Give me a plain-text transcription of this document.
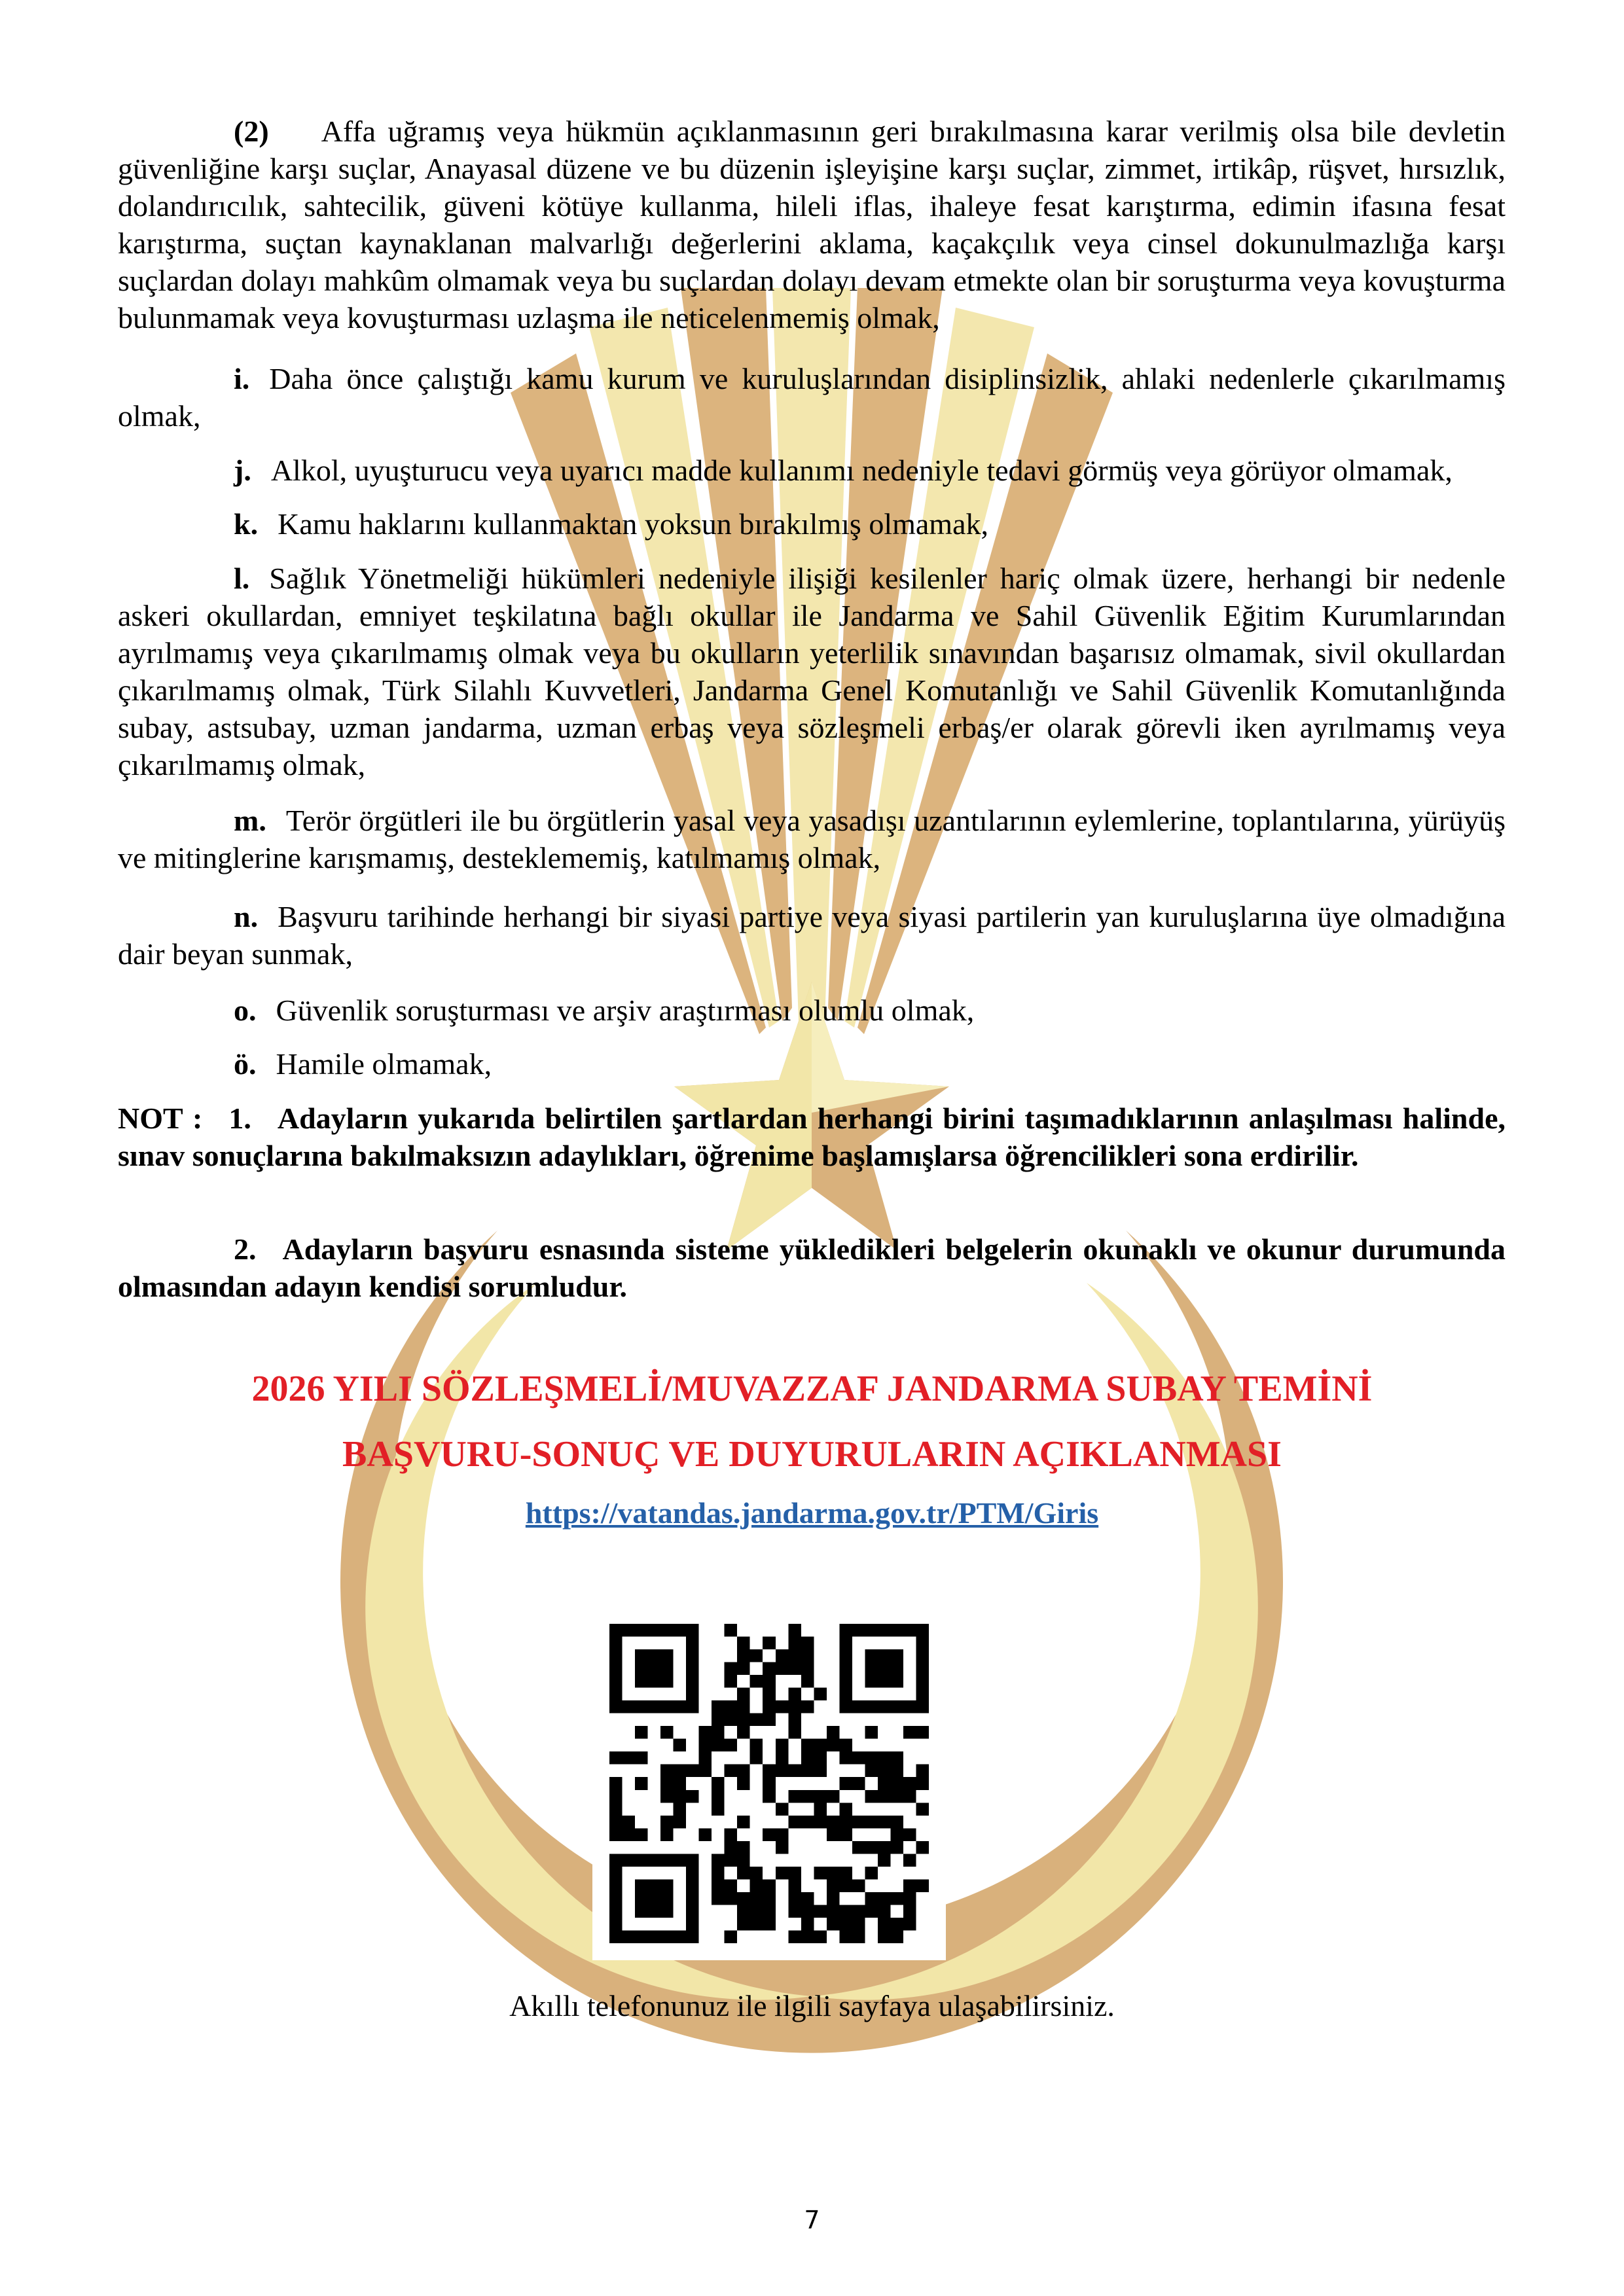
(2) Affa uğramış veya hükmün açıklanmasının geri bırakılmasına karar verilmiş olsa bile devletin güvenliğine karşı suçlar, Anayasal düzene ve bu düzenin işleyişine karşı suçlar, zimmet, irtikâp, rüşvet, hırsızlık, dolandırıcılık, sahtecilik, güveni kötüye kullanma, hileli iflas, ihaleye fesat karıştırma, edimin ifasına fesat karıştırma, suçtan kaynaklanan malvarlığı değerlerini aklama, kaçakçılık veya cinsel dokunulmazlığa karşı suçlardan dolayı mahkûm olmamak veya bu suçlardan dolayı devam etmekte olan bir soruşturma veya kovuşturma bulunmamak veya kovuşturması uzlaşma ile neticelenmemiş olmak,

i. Daha önce çalıştığı kamu kurum ve kuruluşlarından disiplinsizlik, ahlaki nedenlerle çıkarılmamış olmak,

j. Alkol, uyuşturucu veya uyarıcı madde kullanımı nedeniyle tedavi görmüş veya görüyor olmamak,

k. Kamu haklarını kullanmaktan yoksun bırakılmış olmamak,

l. Sağlık Yönetmeliği hükümleri nedeniyle ilişiği kesilenler hariç olmak üzere, herhangi bir nedenle askeri okullardan, emniyet teşkilatına bağlı okullar ile Jandarma ve Sahil Güvenlik Eğitim Kurumlarından ayrılmamış veya çıkarılmamış olmak veya bu okulların yeterlilik sınavından başarısız olmamak, sivil okullardan çıkarılmamış olmak, Türk Silahlı Kuvvetleri, Jandarma Genel Komutanlığı ve Sahil Güvenlik Komutanlığında subay, astsubay, uzman jandarma, uzman erbaş veya sözleşmeli erbaş/er olarak görevli iken ayrılmamış veya çıkarılmamış olmak,

m. Terör örgütleri ile bu örgütlerin yasal veya yasadışı uzantılarının eylemlerine, toplantılarına, yürüyüş ve mitinglerine karışmamış, desteklememiş, katılmamış olmak,

n. Başvuru tarihinde herhangi bir siyasi partiye veya siyasi partilerin yan kuruluşlarına üye olmadığına dair beyan sunmak,

o. Güvenlik soruşturması ve arşiv araştırması olumlu olmak,

ö. Hamile olmamak,

NOT : 1. Adayların yukarıda belirtilen şartlardan herhangi birini taşımadıklarının anlaşılması halinde, sınav sonuçlarına bakılmaksızın adaylıkları, öğrenime başlamışlarsa öğrencilikleri sona erdirilir.

2. Adayların başvuru esnasında sisteme yükledikleri belgelerin okunaklı ve okunur durumunda olmasından adayın kendisi sorumludur.

2026 YILI SÖZLEŞMELİ/MUVAZZAF JANDARMA SUBAY TEMİNİ

BAŞVURU-SONUÇ VE DUYURULARIN AÇIKLANMASI

https://vatandas.jandarma.gov.tr/PTM/Giris

Akıllı telefonunuz ile ilgili sayfaya ulaşabilirsiniz.

7
